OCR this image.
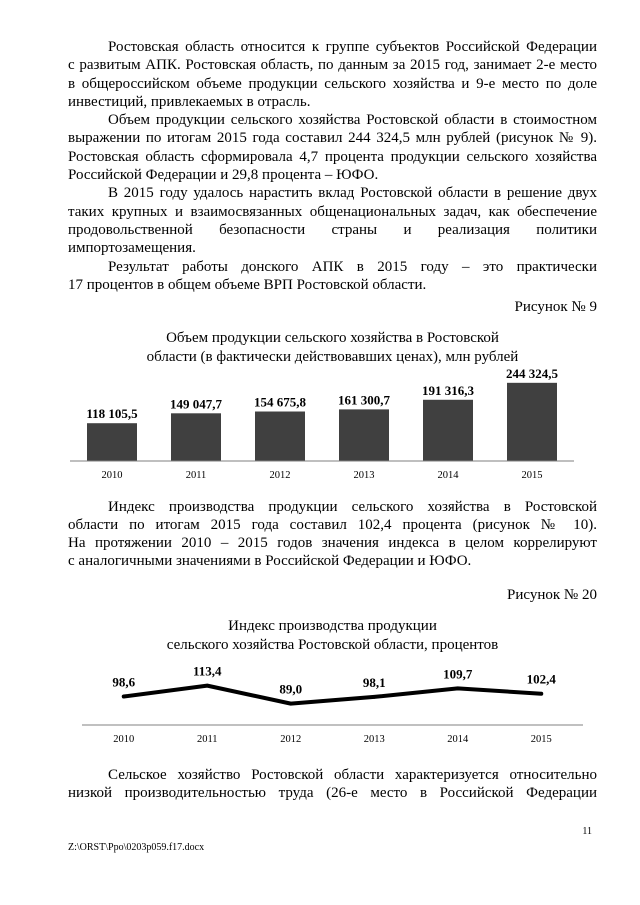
Ростовская область относится к группе субъектов Российской Федерации
с развитым АПК. Ростовская область, по данным за 2015 год, занимает 2-е место
в общероссийском объеме продукции сельского хозяйства и 9-е место по доле
инвестиций, привлекаемых в отрасль.
Объем продукции сельского хозяйства Ростовской области в стоимостном
выражении по итогам 2015 года составил 244 324,5 млн рублей (рисунок № 9).
Ростовская область сформировала 4,7 процента продукции сельского хозяйства
Российской Федерации и 29,8 процента – ЮФО.
В 2015 году удалось нарастить вклад Ростовской области в решение двух
таких крупных и взаимосвязанных общенациональных задач, как обеспечение
продовольственной безопасности страны и реализация политики
импортозамещения.
Результат работы донского АПК в 2015 году – это практически
17 процентов в общем объеме ВРП Ростовской области.
Рисунок № 9
Объем продукции сельского хозяйства в Ростовской
области (в фактически действовавших ценах), млн рублей
118 105,5
2010
149 047,7
2011
154 675,8
2012
161 300,7
2013
191 316,3
2014
244 324,5
2015
Индекс производства продукции сельского хозяйства в Ростовской
области по итогам 2015 года составил 102,4 процента (рисунок № 10).
На протяжении 2010 – 2015 годов значения индекса в целом коррелируют
с аналогичными значениями в Российской Федерации и ЮФО.
Рисунок № 20
Индекс производства продукции
сельского хозяйства Ростовской области, процентов
98,6
2010
113,4
2011
89,0
2012
98,1
2013
109,7
2014
102,4
2015
Сельское хозяйство Ростовской области характеризуется относительно
низкой производительностью труда (26-е место в Российской Федерации
11
Z:\ORST\Ppo\0203p059.f17.docx
